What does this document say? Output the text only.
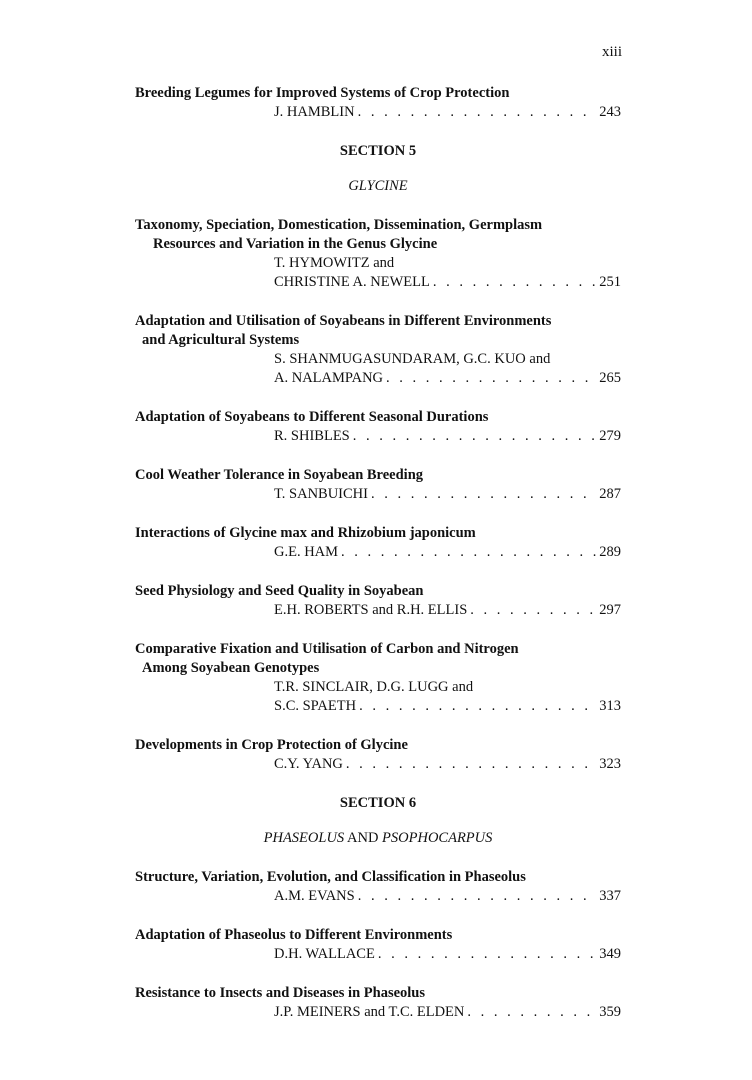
xiii
Breeding Legumes for Improved Systems of Crop Protection
J. HAMBLIN . . .	243
SECTION 5
GLYCINE
Taxonomy, Speciation, Domestication, Dissemination, Germplasm
Resources and Variation in the Genus Glycine
T. HYMOWITZ and
CHRISTINE A. NEWELL . . .	251
Adaptation and Utilisation of Soyabeans in Different Environments
and Agricultural Systems
S. SHANMUGASUNDARAM, G.C. KUO and
A. NALAMPANG . . .	265
Adaptation of Soyabeans to Different Seasonal Durations
R. SHIBLES . . .	279
Cool Weather Tolerance in Soyabean Breeding
T. SANBUICHI . . .	287
Interactions of Glycine max and Rhizobium japonicum
G.E. HAM . . .	289
Seed Physiology and Seed Quality in Soyabean
E.H. ROBERTS and R.H. ELLIS . . .	297
Comparative Fixation and Utilisation of Carbon and Nitrogen
Among Soyabean Genotypes
T.R. SINCLAIR, D.G. LUGG and
S.C. SPAETH . . .	313
Developments in Crop Protection of Glycine
C.Y. YANG . . .	323
SECTION 6
PHASEOLUS AND PSOPHOCARPUS
Structure, Variation, Evolution, and Classification in Phaseolus
A.M. EVANS . . .	337
Adaptation of Phaseolus to Different Environments
D.H. WALLACE . . .	349
Resistance to Insects and Diseases in Phaseolus
J.P. MEINERS and T.C. ELDEN . . .	359
